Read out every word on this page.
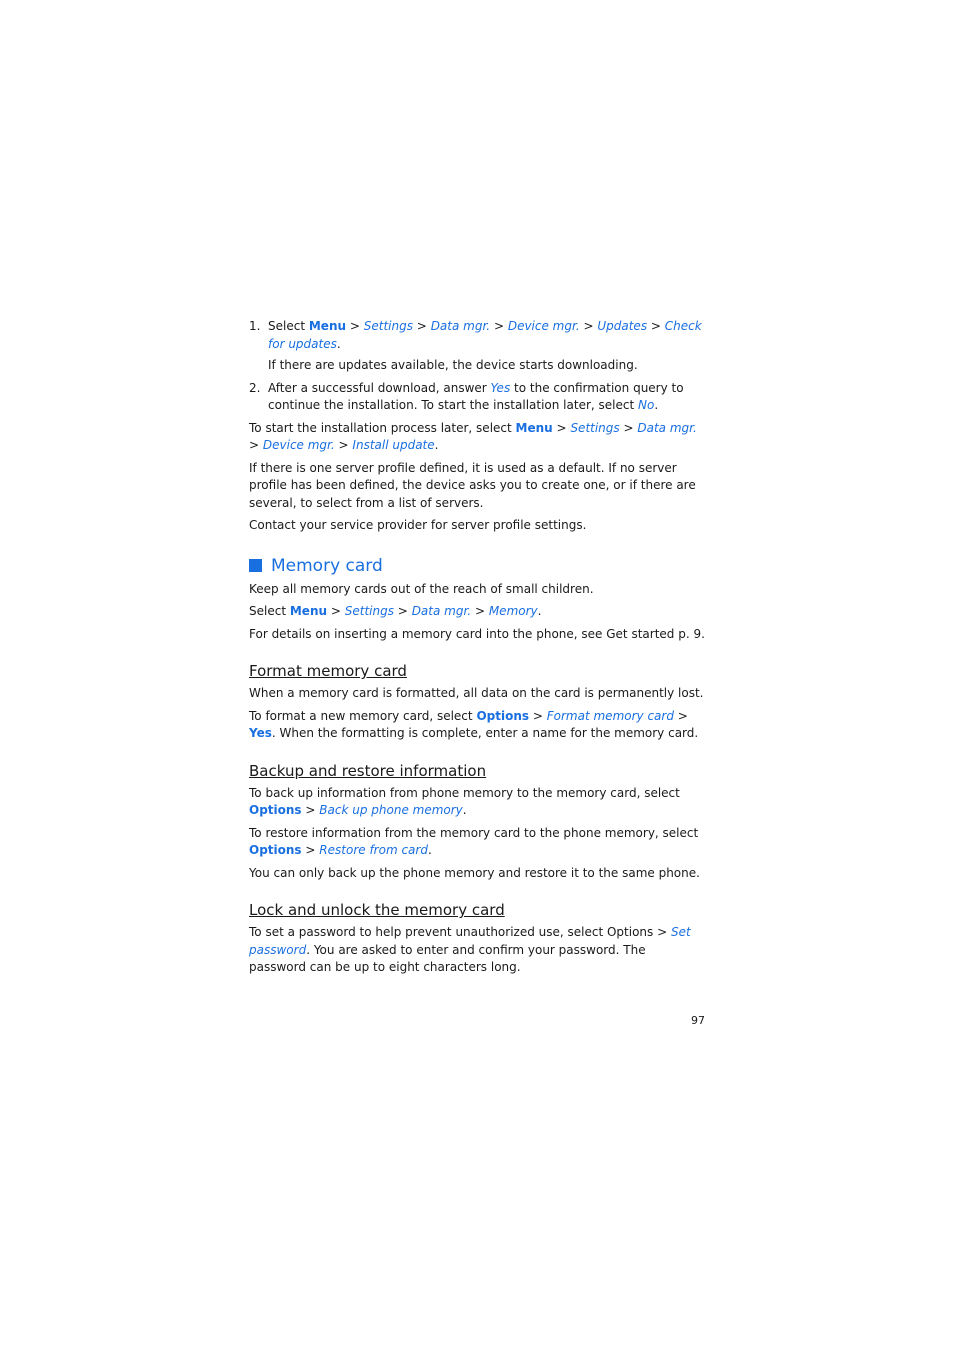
1. Select Menu > Settings > Data mgr. > Device mgr. > Updates > Check for updates.

If there are updates available, the device starts downloading.

2. After a successful download, answer Yes to the confirmation query to continue the installation. To start the installation later, select No.

To start the installation process later, select Menu > Settings > Data mgr. > Device mgr. > Install update.

If there is one server profile defined, it is used as a default. If no server profile has been defined, the device asks you to create one, or if there are several, to select from a list of servers.

Contact your service provider for server profile settings.

Memory card

Keep all memory cards out of the reach of small children.

Select Menu > Settings > Data mgr. > Memory.

For details on inserting a memory card into the phone, see Get started p. 9.

Format memory card

When a memory card is formatted, all data on the card is permanently lost.

To format a new memory card, select Options > Format memory card > Yes. When the formatting is complete, enter a name for the memory card.

Backup and restore information

To back up information from phone memory to the memory card, select Options > Back up phone memory.

To restore information from the memory card to the phone memory, select Options > Restore from card.

You can only back up the phone memory and restore it to the same phone.

Lock and unlock the memory card

To set a password to help prevent unauthorized use, select Options > Set password. You are asked to enter and confirm your password. The password can be up to eight characters long.

97
